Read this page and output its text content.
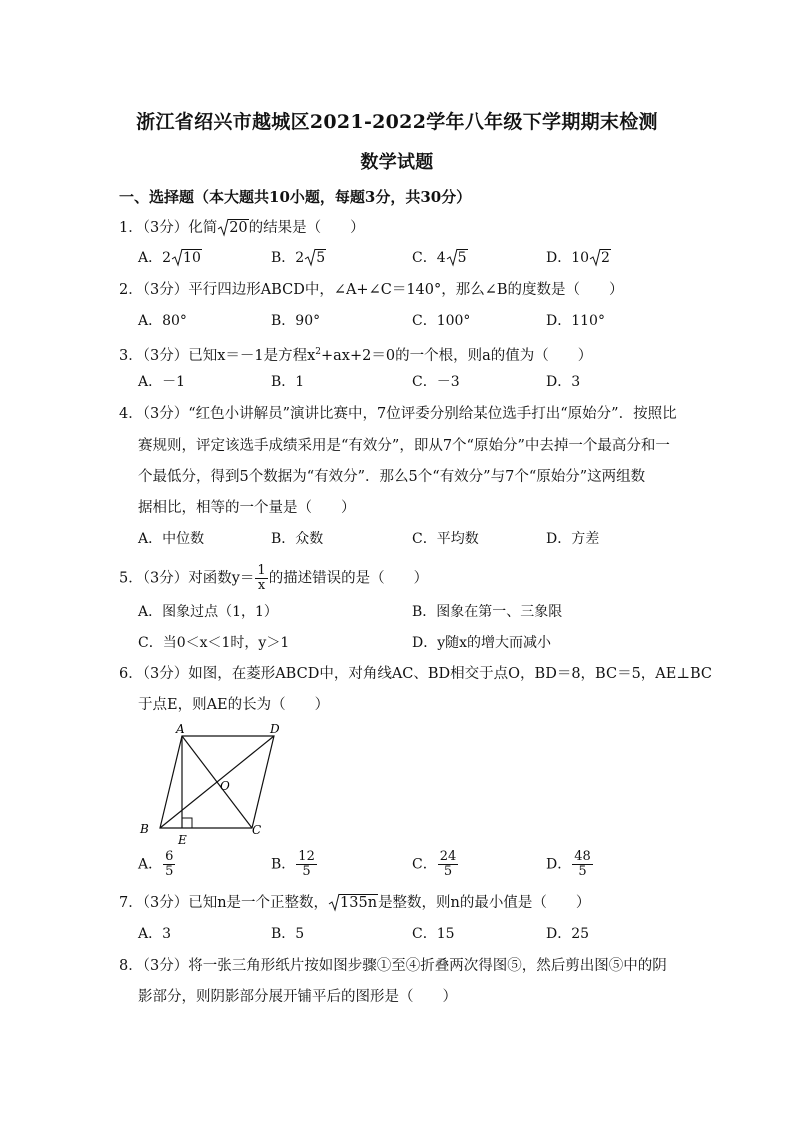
浙江省绍兴市越城区2021-2022学年八年级下学期期末检测
数学试题
一、选择题（本大题共10小题，每题3分，共30分）
1．（3分）化简 20的结果是（　　）
A．2 10	B．2 5	C．4 5	D．10 2
2．（3分）平行四边形ABCD中，∠A+∠C＝140°，那么∠B的度数是（　　）
A．80°	B．90°	C．100°	D．110°
3．（3分）已知x＝－1是方程$x^2+ax+2=0$的一个根，则a的值为（　　）
A．－1	B．1	C．－3	D．3
4．（3分）“红色小讲解员”演讲比赛中，7位评委分别给某位选手打出“原始分”．按照比
赛规则，评定该选手成绩采用是“有效分”，即从7个“原始分”中去掉一个最高分和一
个最低分，得到5个数据为“有效分”．那么5个“有效分”与7个“原始分”这两组数
据相比，相等的一个量是（　　）
A．中位数	B．众数	C．平均数	D．方差
5．（3分）对函数$y= \frac{1}{x}$ 的描述错误的是（　　）
A．图象过点（1，1）	B．图象在第一、三象限
C．当0＜x＜1时，y＞1	D．y随x的增大而减小
6．（3分）如图，在菱形ABCD中，对角线AC、BD相交于点O，BD＝8，BC＝5，AE⊥BC
于点E，则AE的长为（　　）
A	D
O
B
E
C
A． $\frac{6}{5}$	B． $\frac{12}{5}$	C． $\frac{24}{5}$	D． $\frac{48}{5}$
7．（3分）已知n是一个正整数， 135n是整数，则n的最小值是（　　）
A．3	B．5	C．15	D．25
8．（3分）将一张三角形纸片按如图步骤①至④折叠两次得图⑤，然后剪出图⑤中的阴
影部分，则阴影部分展开铺平后的图形是（　　）
